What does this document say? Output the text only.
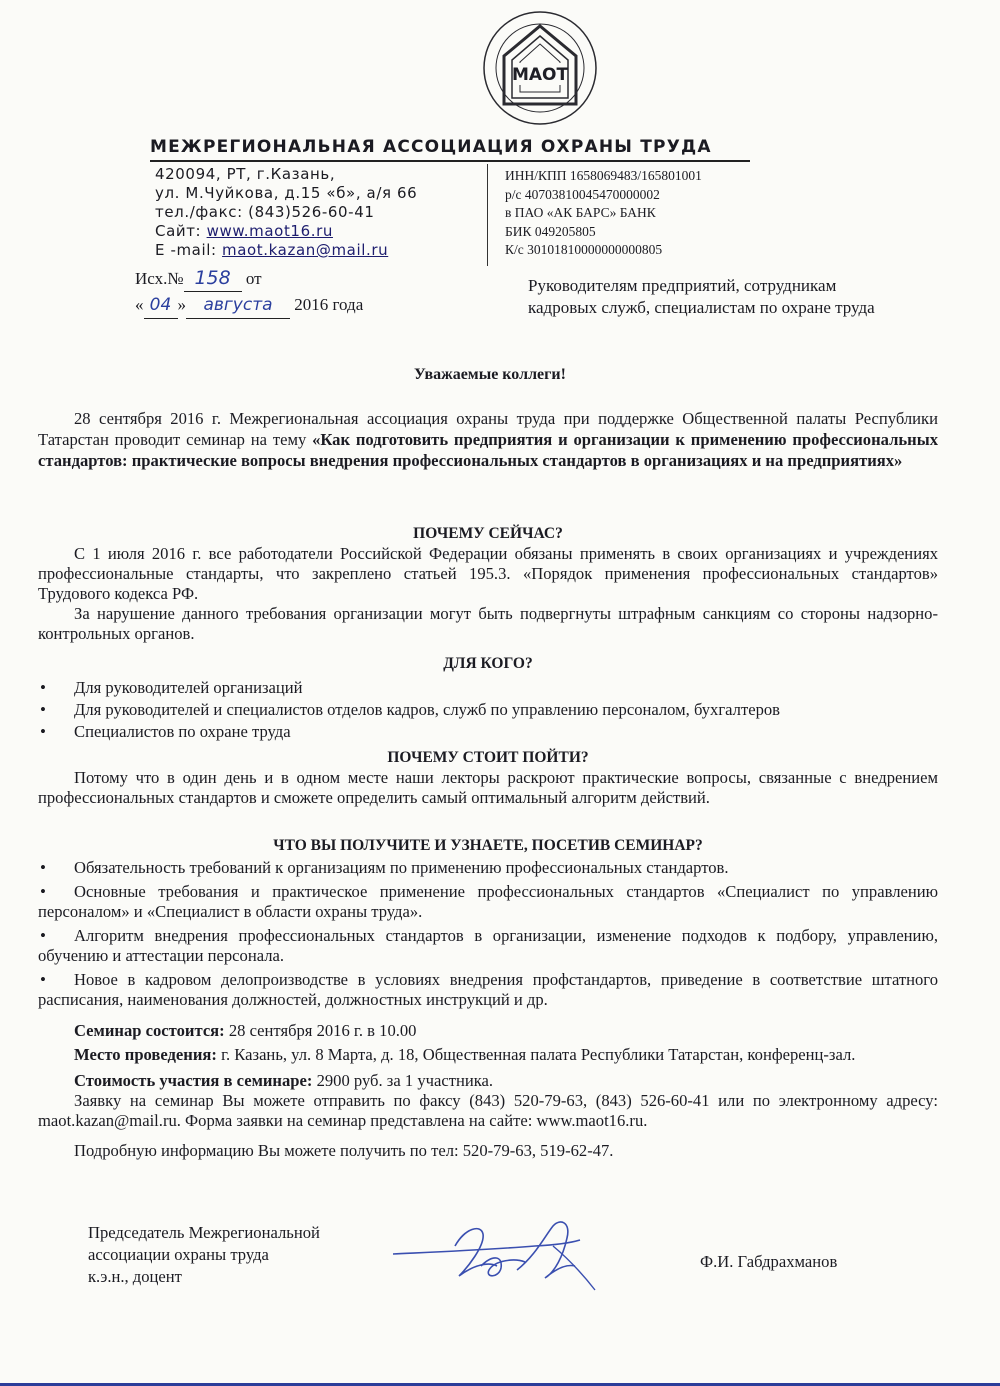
МАОТ
МЕЖРЕГИОНАЛЬНАЯ АССОЦИАЦИЯ ОХРАНЫ ТРУДА
420094, РТ, г.Казань,
ул. М.Чуйкова, д.15 «б», а/я 66
тел./факс: (843)526-60-41
Сайт: www.maot16.ru
E -mail: maot.kazan@mail.ru
ИНН/КПП 1658069483/165801001
р/с 40703810045470000002
в ПАО «АК БАРС» БАНК
БИК 049205805
К/с 30101810000000000805
Исх.№ 158 от
« 04 » августа 2016 года
Руководителям предприятий, сотрудникам кадровых служб, специалистам по охране труда
Уважаемые коллеги!

28 сентября 2016 г. Межрегиональная ассоциация охраны труда при поддержке Общественной палаты Республики Татарстан проводит семинар на тему «Как подготовить предприятия и организации к применению профессиональных стандартов: практические вопросы внедрения профессиональных стандартов в организациях и на предприятиях»

ПОЧЕМУ СЕЙЧАС?

С 1 июля 2016 г. все работодатели Российской Федерации обязаны применять в своих организациях и учреждениях профессиональные стандарты, что закреплено статьей 195.3. «Порядок применения профессиональных стандартов» Трудового кодекса РФ.

За нарушение данного требования организации могут быть подвергнуты штрафным санкциям со стороны надзорно-контрольных органов.

ДЛЯ КОГО?

• Для руководителей организаций

• Для руководителей и специалистов отделов кадров, служб по управлению персоналом, бухгалтеров

• Специалистов по охране труда

ПОЧЕМУ СТОИТ ПОЙТИ?

Потому что в один день и в одном месте наши лекторы раскроют практические вопросы, связанные с внедрением профессиональных стандартов и сможете определить самый оптимальный алгоритм действий.

ЧТО ВЫ ПОЛУЧИТЕ И УЗНАЕТЕ, ПОСЕТИВ СЕМИНАР?

• Обязательность требований к организациям по применению профессиональных стандартов.

• Основные требования и практическое применение профессиональных стандартов «Специалист по управлению персоналом» и «Специалист в области охраны труда».

• Алгоритм внедрения профессиональных стандартов в организации, изменение подходов к подбору, управлению, обучению и аттестации персонала.

• Новое в кадровом делопроизводстве в условиях внедрения профстандартов, приведение в соответствие штатного расписания, наименования должностей, должностных инструкций и др.

Семинар состоится: 28 сентября 2016 г. в 10.00

Место проведения: г. Казань, ул. 8 Марта, д. 18, Общественная палата Республики Татарстан, конференц-зал.

Стоимость участия в семинаре: 2900 руб. за 1 участника.

Заявку на семинар Вы можете отправить по факсу (843) 520-79-63, (843) 526-60-41 или по электронному адресу: maot.kazan@mail.ru. Форма заявки на семинар представлена на сайте: www.maot16.ru.

Подробную информацию Вы можете получить по тел: 520-79-63, 519-62-47.

Председатель Межрегиональной
ассоциации охраны труда
к.э.н., доцент
Ф.И. Габдрахманов
